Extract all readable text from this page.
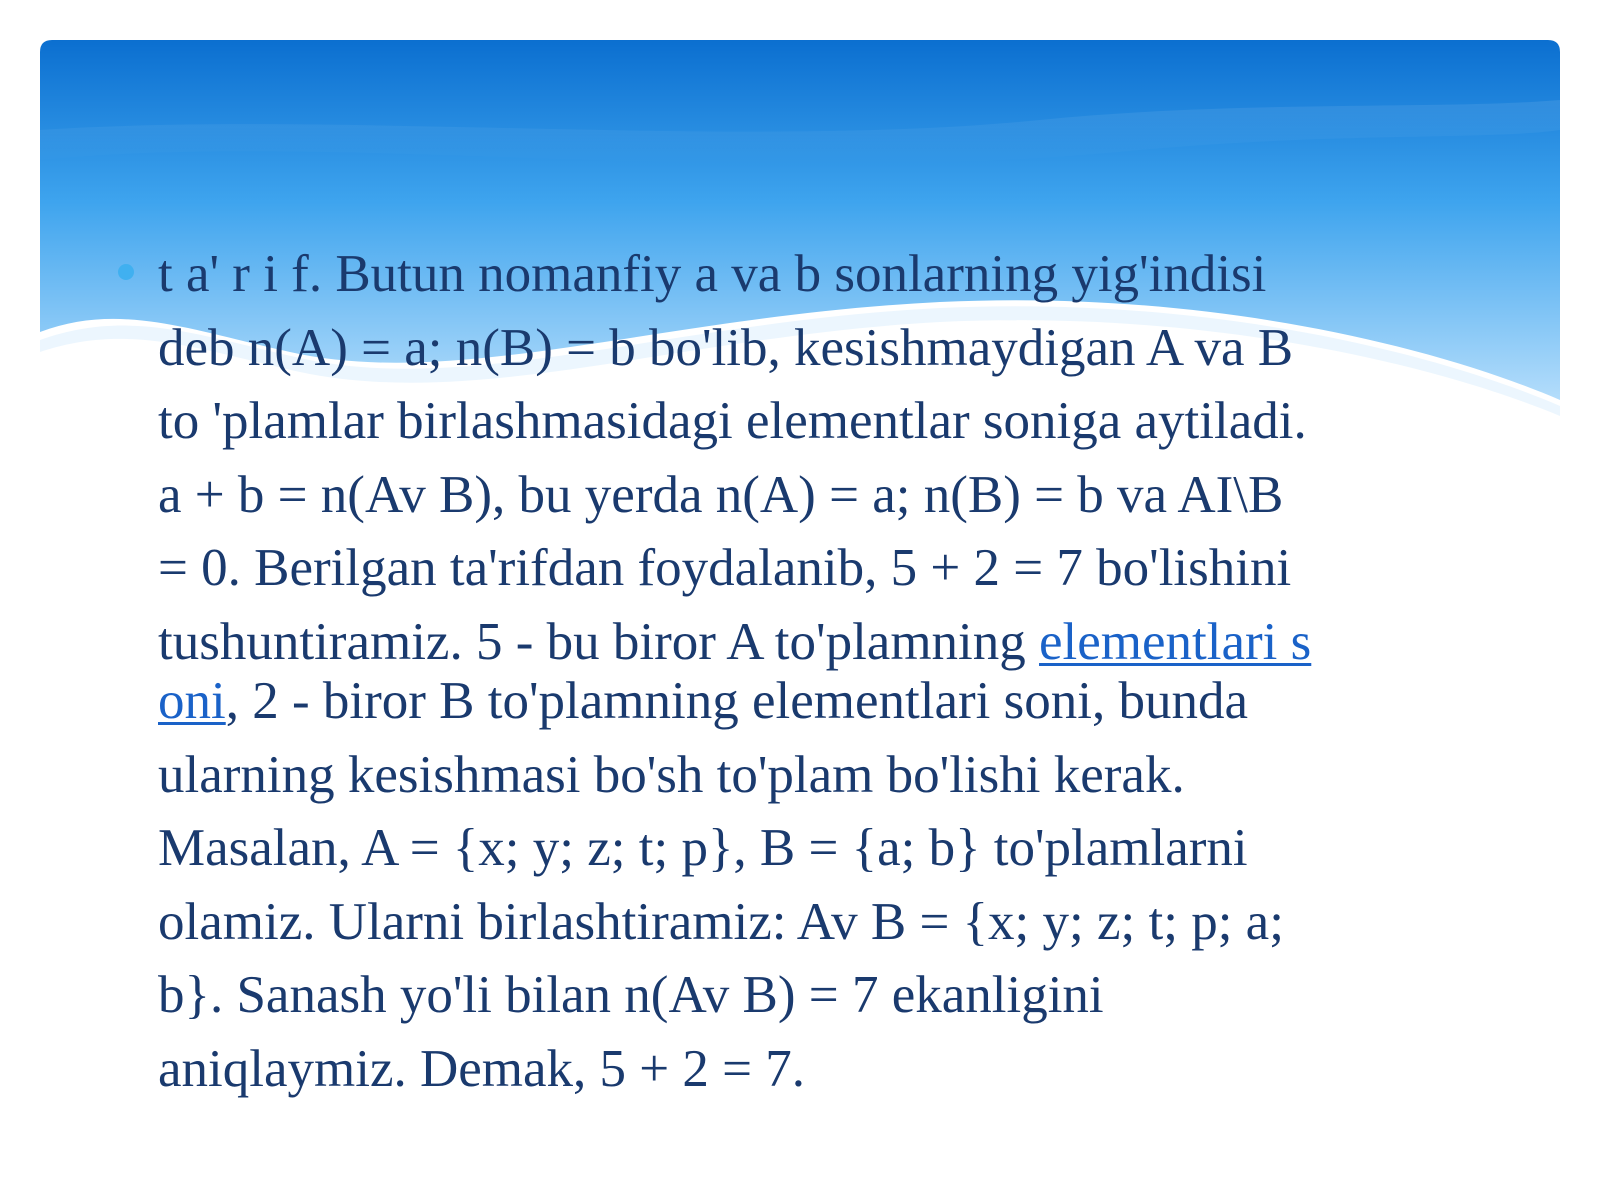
t a' r i f. Butun nomanfiy a va b sonlarning yig'indisi
deb n(A) = a; n(B) = b bo'lib, kesishmaydigan A va B
to 'plamlar birlashmasidagi elementlar soniga aytiladi.
a + b = n(Av B), bu yerda n(A) = a; n(B) = b va AI\B
= 0. Berilgan ta'rifdan foydalanib, 5 + 2 = 7 bo'lishini
tushuntiramiz. 5 - bu biror A to'plamning elementlari s
oni, 2 - biror B to'plamning elementlari soni, bunda
ularning kesishmasi bo'sh to'plam bo'lishi kerak.
Masalan, A = {x; y; z; t; p}, B = {a; b} to'plamlarni
olamiz. Ularni birlashtiramiz: Av B = {x; y; z; t; p; a;
b}. Sanash yo'li bilan n(Av B) = 7 ekanligini
aniqlaymiz. Demak, 5 + 2 = 7.
